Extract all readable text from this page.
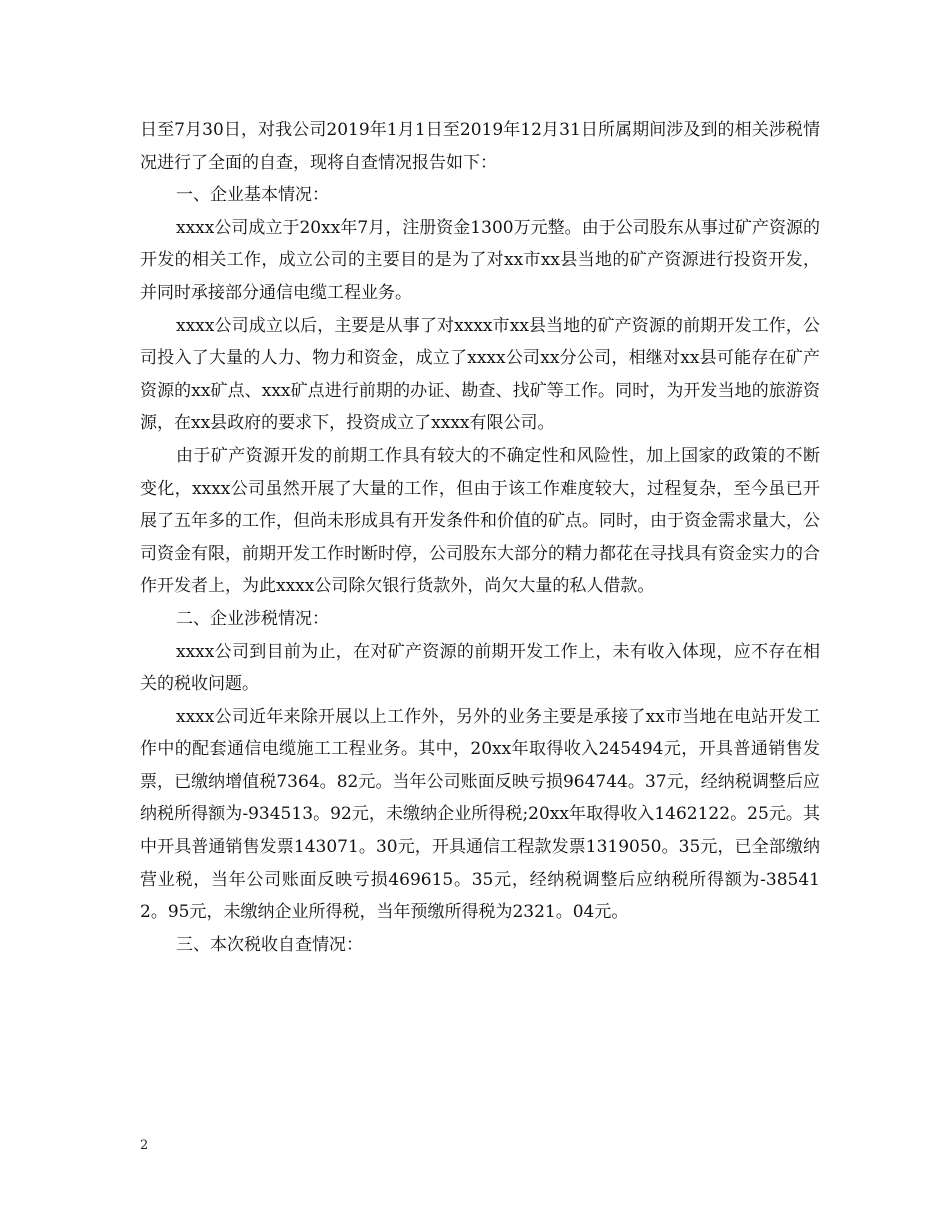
日至7月30日，对我公司2019年1月1日至2019年12月31日所属期间涉及到的相关涉税情况进行了全面的自查，现将自查情况报告如下：

一、企业基本情况：

xxxx公司成立于20xx年7月，注册资金1300万元整。由于公司股东从事过矿产资源的开发的相关工作，成立公司的主要目的是为了对xx市xx县当地的矿产资源进行投资开发，并同时承接部分通信电缆工程业务。

xxxx公司成立以后，主要是从事了对xxxx市xx县当地的矿产资源的前期开发工作，公司投入了大量的人力、物力和资金，成立了xxxx公司xx分公司，相继对xx县可能存在矿产资源的xx矿点、xxx矿点进行前期的办证、勘查、找矿等工作。同时，为开发当地的旅游资源，在xx县政府的要求下，投资成立了xxxx有限公司。

由于矿产资源开发的前期工作具有较大的不确定性和风险性，加上国家的政策的不断变化，xxxx公司虽然开展了大量的工作，但由于该工作难度较大，过程复杂，至今虽已开展了五年多的工作，但尚未形成具有开发条件和价值的矿点。同时，由于资金需求量大，公司资金有限，前期开发工作时断时停，公司股东大部分的精力都花在寻找具有资金实力的合作开发者上，为此xxxx公司除欠银行货款外，尚欠大量的私人借款。

二、企业涉税情况：

xxxx公司到目前为止，在对矿产资源的前期开发工作上，未有收入体现，应不存在相关的税收问题。

xxxx公司近年来除开展以上工作外，另外的业务主要是承接了xx市当地在电站开发工作中的配套通信电缆施工工程业务。其中，20xx年取得收入245494元，开具普通销售发票，已缴纳增值税7364。82元。当年公司账面反映亏损964744。37元，经纳税调整后应纳税所得额为-934513。92元，未缴纳企业所得税;20xx年取得收入1462122。25元。其中开具普通销售发票143071。30元，开具通信工程款发票1319050。35元，已全部缴纳营业税，当年公司账面反映亏损469615。35元，经纳税调整后应纳税所得额为-385412。95元，未缴纳企业所得税，当年预缴所得税为2321。04元。

三、本次税收自查情况：

2
